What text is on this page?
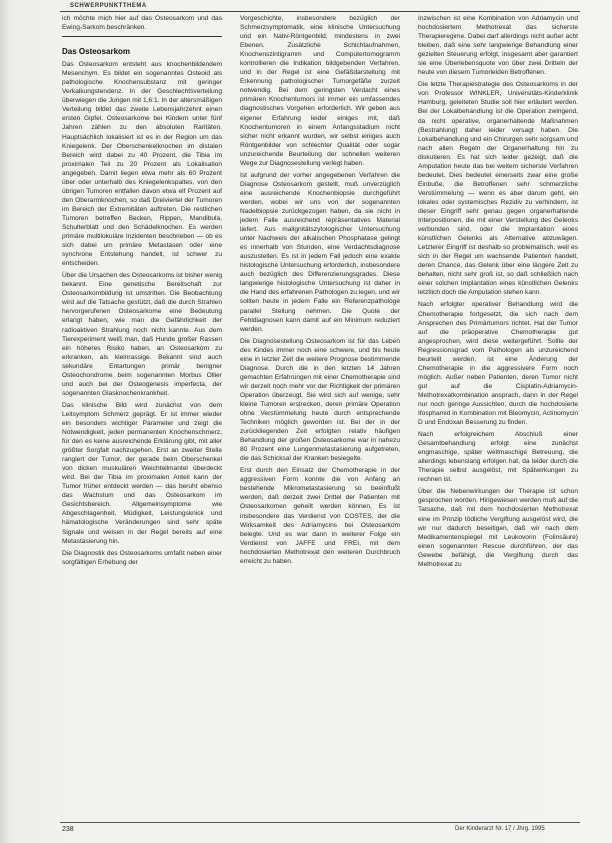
SCHWERPUNKTTHEMA

ich möchte mich hier auf das Osteosarkom und das Ewing-Sarkom beschränken.

Das Osteosarkom

Das Osteosarkom entsteht aus knochenbildendem Mesenchym. Es bildet ein sogenanntes Osteoid als pathologische Knochensubstanz mit geringer Verkalkungstendenz. In der Geschlechtsverteilung überwiegen die Jungen mit 1,6:1. In der altersmäßigen Verteilung bildet das zweite Lebensjahrzehnt einen ersten Gipfel. Osteosarkome bei Kindern unter fünf Jahren zählen zu den absoluten Raritäten. Hauptsächlich lokalisiert ist es in der Region um das Kniegelenk. Der Oberschenkelknochen im distalen Bereich wird dabei zu 40 Prozent, die Tibia im proximalen Teil zu 20 Prozent als Lokalisation angegeben. Damit liegen etwa mehr als 60 Prozent über oder unterhalb des Kniegelenkspaltes, von den übrigen Tumoren entfallen davon etwa elf Prozent auf den Oberarmknochen, so daß Dreiviertel der Tumoren im Bereich der Extremitäten auftreten. Die restlichen Tumoren betreffen Becken, Rippen, Mandibula, Schulterblatt und den Schädelknochen. Es werden primäre multilokuläre Inzidenten beschrieben — ob es sich dabei um primäre Metastasen oder eine synchrone Entstehung handelt, ist schwer zu entscheiden.

Über die Ursachen des Osteosarkoms ist bisher wenig bekannt. Eine genetische Bereitschaft zur Osteosarkombildung ist umstritten. Die Beobachtung wird auf die Tatsache gestützt, daß die durch Strahlen hervorgerufenen Osteosarkome eine Bedeutung erlangt haben, wie man die Gefährlichkeit der radioaktiven Strahlung noch nicht kannte. Aus dem Tierexperiment weiß man, daß Hunde großer Rassen ein höheres Risiko haben, an Osteosarkom zu erkranken, als kleinrassige. Bekannt sind auch sekundäre Entartungen primär benigner Osteochondrome beim sogenannten Morbus Ollier und auch bei der Osteogenesis imperfecta, der sogenannten Glasknochenkrankheit.

Das klinische Bild wird zunächst von dem Leitsymptom Schmerz geprägt. Er ist immer wieder ein besonders wichtiger Parameter und zeigt die Notwendigkeit, jeden permanenten Knochenschmerz, für den es keine ausreichende Erklärung gibt, mit aller größter Sorgfalt nachzugehen. Erst an zweiter Stelle rangiert der Tumor, der gerade beim Oberschenkel von dicken muskulären Weichteilmantel überdeckt wird. Bei der Tibia im proximalen Anteil kann der Tumor früher entdeckt werden — das beruht ebenso das Wachstum und das Osteosarkom im Gesichtsbereich. Allgemeinsymptome wie Abgeschlagenheit, Müdigkeit, Leistungsknick und hämatologische Veränderungen sind sehr späte Signale und weisen in der Regel bereits auf eine Metastasierung hin.

Die Diagnostik des Osteosarkoms umfaßt neben einer sorgfältigen Erhebung der

Vorgeschichte, insbesondere bezüglich der Schmerzsymptomatik, eine klinische Untersuchung und ein Nativ-Röntgenbild, mindestens in zwei Ebenen. Zusätzliche Schichtaufnahmen, Knochenszintigramm und Computertomogramm kontrollieren die Indikation bildgebenden Verfahren, und in der Regel ist eine Gefäßdarstellung mit Erkennung pathologischer Tumorgefäße zurzeit notwendig. Bei dem geringsten Verdacht eines primären Knochentumors ist immer ein umfassendes diagnostisches Vorgehen erforderlich. Wir geben aus eigener Erfahrung leider einiges mit, daß Knochentumoren in einem Anfangsstadium nicht sicher nicht erkannt wurden, wir selbst einiges auch Röntgenbilder von schlechter Qualität oder sogar unzureichende Beurteilung der schnellen weiteren Wege zur Diagnosestellung verlegt haben.

Ist aufgrund der vorher angegebenen Verfahren die Diagnose Osteosarkom gestellt, muß unverzüglich eine ausreichende Knochenbiopsie durchgeführt werden, wobei wir uns von der sogenannten Nadelbiopsie zurückgezogen haben, da sie nicht in jedem Falle ausreichend repräsentatives Material liefert. Aus malignitätszytologischer Untersuchung unter Nachweis der alkalischen Phosphatase gelingt es innerhalb von Stunden, eine Verdachtsdiagnose auszustellen. Es ist in jedem Fall jedoch eine exakte histologische Untersuchung erforderlich, insbesondere auch bezüglich des Differenzierungsgrades. Diese langwierige histologische Untersuchung ist daher in die Hand des erfahrenen Pathologen zu legen, und wir sollten heute in jedem Falle ein Referenzpathologe parallel Stellung nehmen. Die Quote der Fehldiagnosen kann damit auf ein Minimum reduziert werden.

Die Diagnosestellung Osteosarkom ist für das Leben des Kindes immer noch eine schwere, und bis heute eine in letzter Zeit die weitere Prognose bestimmende Diagnose. Durch die in den letzten 14 Jahren gemachten Erfahrungen mit einer Chemotherapie sind wir derzeit noch mehr vor der Richtigkeit der primären Operation überzeugt. Sie wird sich auf wenige, sehr kleine Tumoren erstrecken, deren primäre Operation ohne Verstümmelung heute durch entsprechende Techniken möglich geworden ist. Bei der in der zurückliegenden Zeit erfolgten relativ häufigen Behandlung der großen Osteosarkome war in nahezu 80 Prozent eine Lungenmetastasierung aufgetreten, die das Schicksal der Kranken besiegelte.

Erst durch den Einsatz der Chemotherapie in der aggressiven Form konnte die von Anfang an bestehende Mikrometastasierung so beeinflußt werden, daß derzeit zwei Drittel der Patienten mit Osteosarkomen geheilt werden können. Es ist insbesondere das Verdienst von COSTES, der die Wirksamkeit des Adriamycins bei Osteosarkom belegte. Und es war dann in weiterer Folge ein Verdienst von JAFFE und FREI, mit dem hochdosierten Methotrexat den weiteren Durchbruch erreicht zu haben.

Inzwischen ist eine Kombination von Adriamycin und hochdosiertem Methotrexat das sicherste Therapieregime. Dabei darf allerdings nicht außer acht bleiben, daß eine sehr langwierige Behandlung einer gezielten Steuerung erfolgt, insgesamt aber garantiert sie eine Überlebensquote von über zwei Dritteln der heute von diesem Tumorleiden Betroffenen.

Die letzte Therapiestrategie des Osteosarkoms in der von Professor WINKLER, Universitäts-Kinderklinik Hamburg, geleiteten Studie soll hier erläutert werden. Bei der Lokalbehandlung ist die Operation zwingend, da nicht operative, organerhaltende Maßnahmen (Bestrahlung) daher leider versagt haben. Die Lokalbehandlung und ein Chirurgen sehr sorgsam und nach allen Regeln der Organerhaltung hin zu diskutieren. Es hat sich leider gezeigt, daß die Amputation heute das bei weitem sicherste Verfahren bedeutet. Dies bedeutet einerseits zwar eine große Einbuße, die Betroffenen sehr schmerzliche Verstümmelung — wenn es aber darum geht, ein lokales oder systemisches Rezidiv zu verhindern, ist dieser Eingriff sehr genau gegen organerhaltende Interpositionen, die mit einer Verstellung des Gelenks verbunden sind, oder die Implantation eines künstlichen Gelenks als Alternative abzuwägen. Letzterer Eingriff ist deshalb so problematisch, weil es sich in der Regel um wachsende Patienten handelt, deren Chance, das Gelenk über eine längere Zeit zu behalten, nicht sehr groß ist, so daß schließlich nach einer solchen Implantation eines künstlichen Gelenks letztlich doch die Amputation stehen kann.

Nach erfolgter operativer Behandlung wird die Chemotherapie fortgesetzt, die sich nach dem Ansprechen des Primärtumors richtet. Hat der Tumor auf die präoperative Chemotherapie gut angesprochen, wird diese weitergeführt. Sollte der Regressionsgrad vom Pathologen als unzureichend beurteilt werden, ist eine Änderung der Chemotherapie in die aggressivere Form noch möglich. Außer neben Patienten, deren Tumor nicht gut auf die Cisplatin-Adriamycin-Methotrexatkombination ansprach, dann in der Regel nur noch geringe Aussichten, durch die hochdosierte Ifosphamid in Kombination mit Bleomycin, Actinomycin D und Endoxan Besserung zu finden.

Nach erfolgreichem Abschluß einer Gesamtbehandlung erfolgt eine zunächst engmaschige, später weitmaschige Betreuung, die allerdings lebenslang erfolgen hat, da leider durch die Therapie selbst ausgelöst, mit Spätwirkungen zu rechnen ist.

Über die Nebenwirkungen der Therapie ist schon gesprochen worden. Hingewiesen werden muß auf die Tatsache, daß mit dem hochdosierten Methotrexat eine im Prinzip tödliche Vergiftung ausgelöst wird, die wir nur dadurch beseitigen, daß wir nach dem Medikamentenspiegel mit Leukovorin (Folinsäure) einen sogenannten Rescue durchführen, der das Gewebe befähigt, die Vergiftung durch das Methotrexat zu

238	Der Kinderarzt Nr. 17 / Jhrg. 1995
